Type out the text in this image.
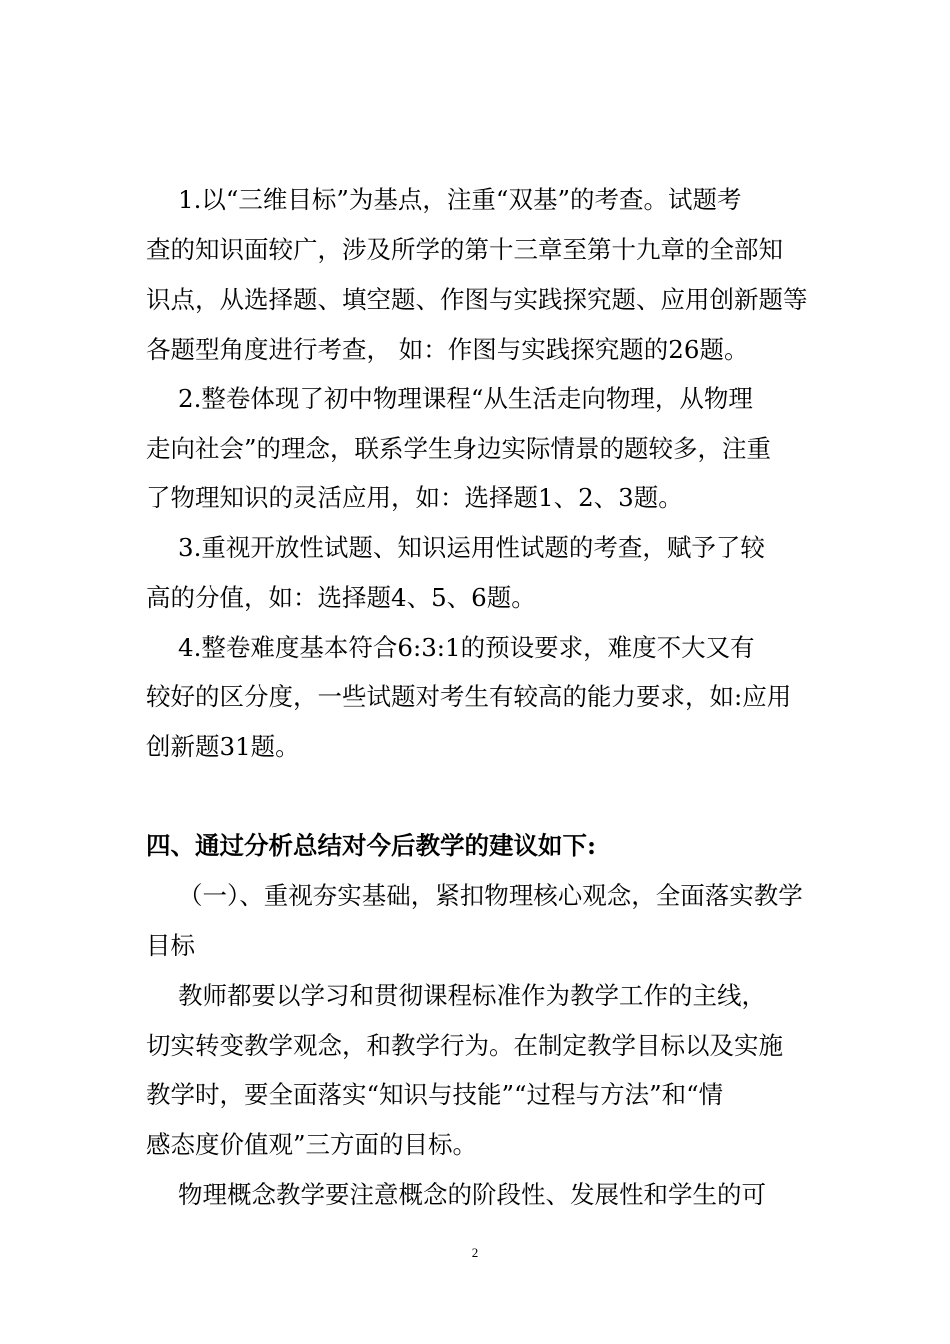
1.以“三维目标”为基点，注重“双基”的考查。试题考
查的知识面较广，涉及所学的第十三章至第十九章的全部知
识点，从选择题、填空题、作图与实践探究题、应用创新题等
各题型角度进行考查， 如：作图与实践探究题的26题。
2.整卷体现了初中物理课程“从生活走向物理，从物理
走向社会”的理念，联系学生身边实际情景的题较多，注重
了物理知识的灵活应用，如：选择题1、2、3题。
3.重视开放性试题、知识运用性试题的考查，赋予了较
高的分值，如：选择题4、5、6题。
4.整卷难度基本符合6:3:1的预设要求，难度不大又有
较好的区分度，一些试题对考生有较高的能力要求，如:应用
创新题31题。
四、通过分析总结对今后教学的建议如下:
（一）、重视夯实基础，紧扣物理核心观念，全面落实教学
目标
教师都要以学习和贯彻课程标准作为教学工作的主线，
切实转变教学观念，和教学行为。在制定教学目标以及实施
教学时，要全面落实“知识与技能”“过程与方法”和“情
感态度价值观”三方面的目标。
物理概念教学要注意概念的阶段性、发展性和学生的可
2
